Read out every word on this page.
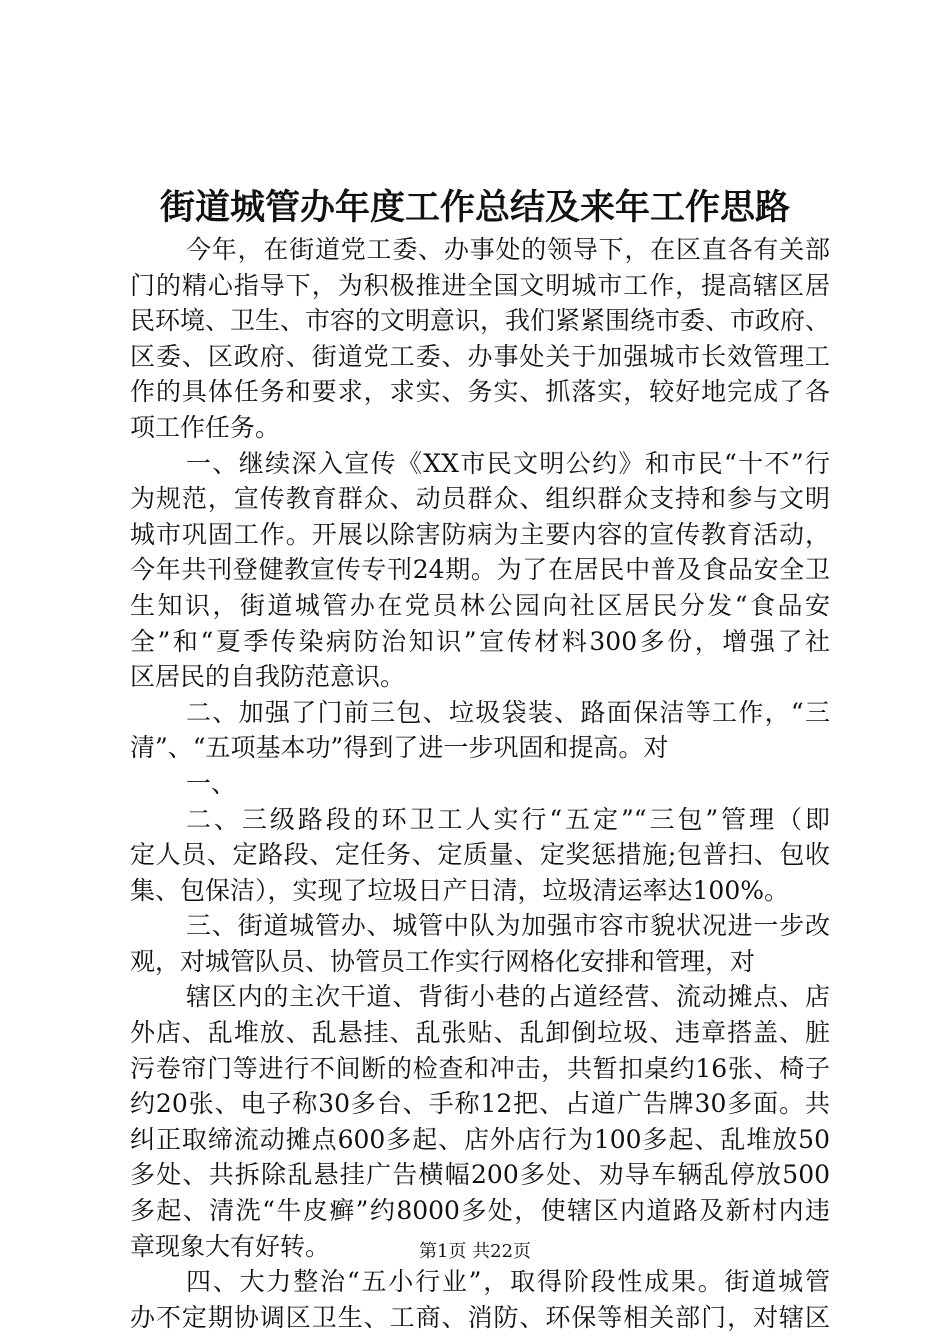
街道城管办年度工作总结及来年工作思路
今年，在街道党工委、办事处的领导下，在区直各有关部
门的精心指导下，为积极推进全国文明城市工作，提高辖区居
民环境、卫生、市容的文明意识，我们紧紧围绕市委、市政府、
区委、区政府、街道党工委、办事处关于加强城市长效管理工
作的具体任务和要求，求实、务实、抓落实，较好地完成了各
项工作任务。
一、继续深入宣传《XX市民文明公约》和市民“十不”行
为规范，宣传教育群众、动员群众、组织群众支持和参与文明
城市巩固工作。开展以除害防病为主要内容的宣传教育活动，
今年共刊登健教宣传专刊24期。为了在居民中普及食品安全卫
生知识，街道城管办在党员林公园向社区居民分发“食品安
全”和“夏季传染病防治知识”宣传材料300多份，增强了社
区居民的自我防范意识。
二、加强了门前三包、垃圾袋装、路面保洁等工作，“三
清”、“五项基本功”得到了进一步巩固和提高。对
一、
二、三级路段的环卫工人实行“五定”“三包”管理（即
定人员、定路段、定任务、定质量、定奖惩措施;包普扫、包收
集、包保洁），实现了垃圾日产日清，垃圾清运率达100%。
三、街道城管办、城管中队为加强市容市貌状况进一步改
观，对城管队员、协管员工作实行网格化安排和管理，对
辖区内的主次干道、背街小巷的占道经营、流动摊点、店
外店、乱堆放、乱悬挂、乱张贴、乱卸倒垃圾、违章搭盖、脏
污卷帘门等进行不间断的检查和冲击，共暂扣桌约16张、椅子
约20张、电子称30多台、手称12把、占道广告牌30多面。共
纠正取缔流动摊点600多起、店外店行为100多起、乱堆放50
多处、共拆除乱悬挂广告横幅200多处、劝导车辆乱停放500
多起、清洗“牛皮癣”约8000多处，使辖区内道路及新村内违
章现象大有好转。
四、大力整治“五小行业”，取得阶段性成果。街道城管
办不定期协调区卫生、工商、消防、环保等相关部门，对辖区
第1页 共22页
